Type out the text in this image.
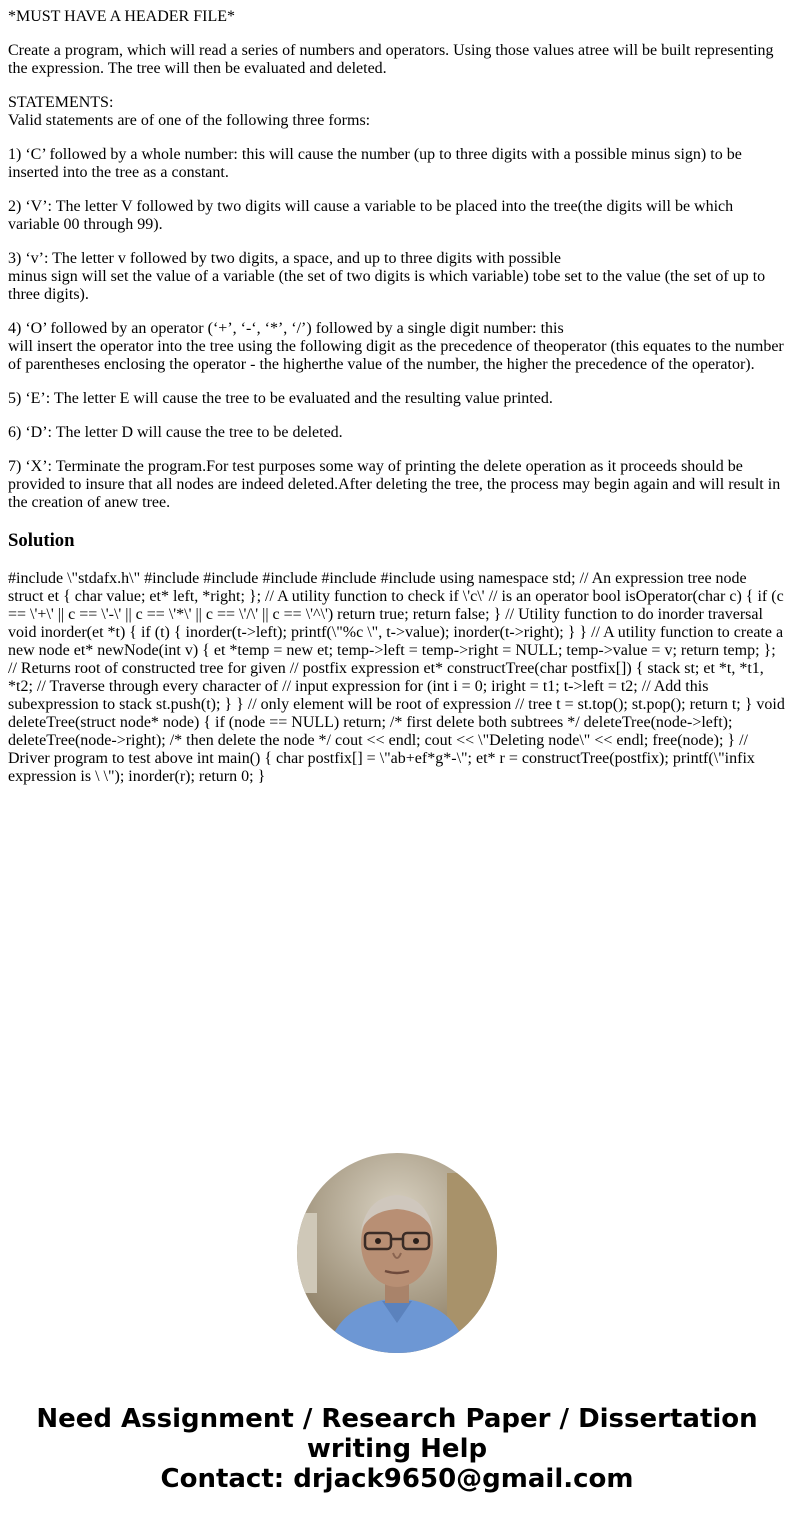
*MUST HAVE A HEADER FILE*

Create a program, which will read a series of numbers and operators. Using those values atree will be built representing the expression. The tree will then be evaluated and deleted.

STATEMENTS:
Valid statements are of one of the following three forms:

1) ‘C’ followed by a whole number: this will cause the number (up to three digits with a possible minus sign) to be inserted into the tree as a constant.

2) ‘V’: The letter V followed by two digits will cause a variable to be placed into the tree(the digits will be which variable 00 through 99).

3) ‘v’: The letter v followed by two digits, a space, and up to three digits with possible
minus sign will set the value of a variable (the set of two digits is which variable) tobe set to the value (the set of up to three digits).

4) ‘O’ followed by an operator (‘+’, ‘-‘, ‘*’, ‘/’) followed by a single digit number: this
will insert the operator into the tree using the following digit as the precedence of theoperator (this equates to the number of parentheses enclosing the operator - the higherthe value of the number, the higher the precedence of the operator).

5) ‘E’: The letter E will cause the tree to be evaluated and the resulting value printed.

6) ‘D’: The letter D will cause the tree to be deleted.

7) ‘X’: Terminate the program.For test purposes some way of printing the delete operation as it proceeds should be provided to insure that all nodes are indeed deleted.After deleting the tree, the process may begin again and will result in the creation of anew tree.

Solution

#include \"stdafx.h\" #include #include #include #include #include using namespace std; // An expression tree node struct et { char value; et* left, *right; }; // A utility function to check if \'c\' // is an operator bool isOperator(char c) { if (c == \'+\' || c == \'-\' || c == \'*\' || c == \'/\' || c == \'^\') return true; return false; } // Utility function to do inorder traversal void inorder(et *t) { if (t) { inorder(t->left); printf(\"%c \", t->value); inorder(t->right); } } // A utility function to create a new node et* newNode(int v) { et *temp = new et; temp->left = temp->right = NULL; temp->value = v; return temp; }; // Returns root of constructed tree for given // postfix expression et* constructTree(char postfix[]) { stack st; et *t, *t1, *t2; // Traverse through every character of // input expression for (int i = 0; iright = t1; t->left = t2; // Add this subexpression to stack st.push(t); } } // only element will be root of expression // tree t = st.top(); st.pop(); return t; } void deleteTree(struct node* node) { if (node == NULL) return; /* first delete both subtrees */ deleteTree(node->left); deleteTree(node->right); /* then delete the node */ cout << endl; cout << \"Deleting node\" << endl; free(node); } // Driver program to test above int main() { char postfix[] = \"ab+ef*g*-\"; et* r = constructTree(postfix); printf(\"infix expression is \ \"); inorder(r); return 0; }

Need Assignment / Research Paper / Dissertation
writing Help
Contact: drjack9650@gmail.com
